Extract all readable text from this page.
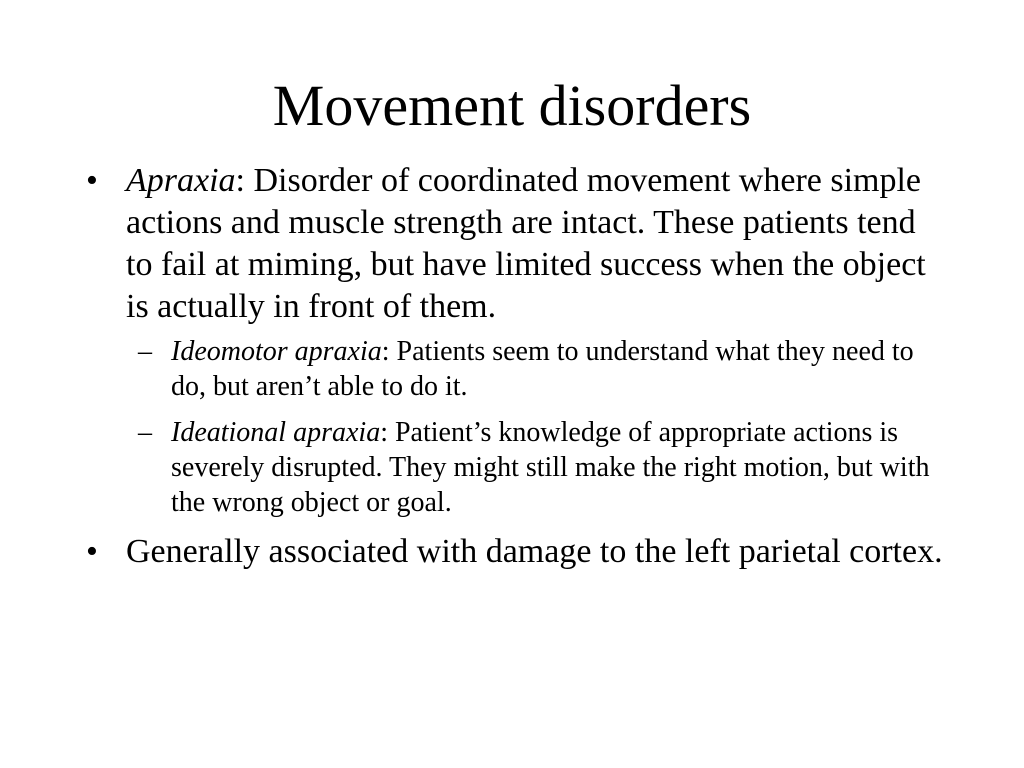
Movement disorders
• Apraxia: Disorder of coordinated movement where simple actions and muscle strength are intact. These patients tend to fail at miming, but have limited success when the object is actually in front of them.
– Ideomotor apraxia: Patients seem to understand what they need to do, but aren’t able to do it.
– Ideational apraxia: Patient’s knowledge of appropriate actions is severely disrupted. They might still make the right motion, but with the wrong object or goal.
• Generally associated with damage to the left parietal cortex.
